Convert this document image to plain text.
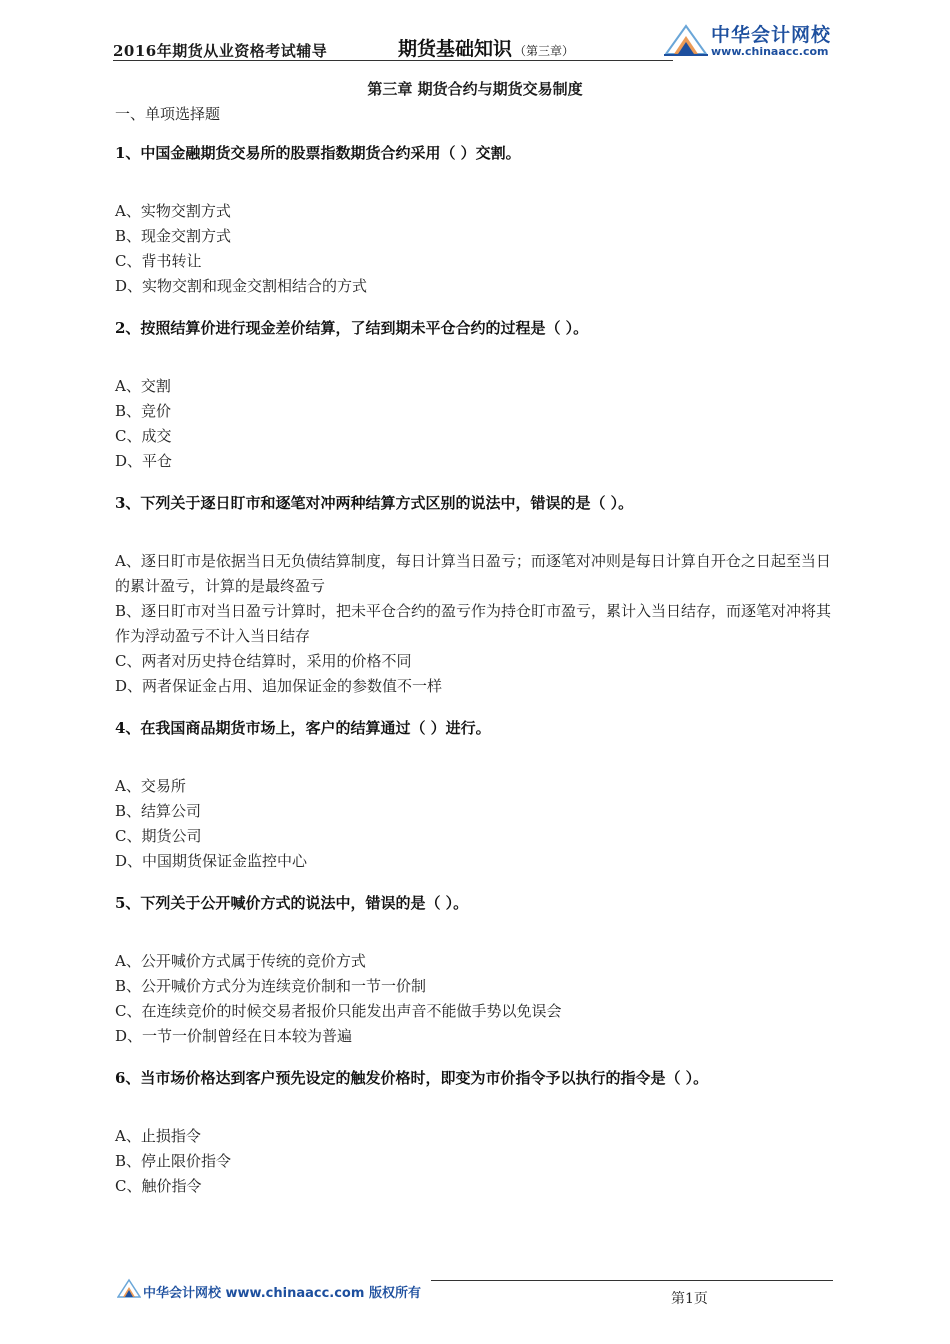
2016年期货从业资格考试辅导	期货基础知识 （第三章）
中华会计网校
www.chinaacc.com
第三章 期货合约与期货交易制度
一、单项选择题

1、中国金融期货交易所的股票指数期货合约采用（ ）交割。

A、实物交割方式
B、现金交割方式
C、背书转让
D、实物交割和现金交割相结合的方式

2、按照结算价进行现金差价结算，了结到期未平仓合约的过程是（ ）。

A、交割
B、竞价
C、成交
D、平仓

3、下列关于逐日盯市和逐笔对冲两种结算方式区别的说法中，错误的是（ ）。

A、逐日盯市是依据当日无负债结算制度，每日计算当日盈亏；而逐笔对冲则是每日计算自开仓之日起至当日的累计盈亏，计算的是最终盈亏
B、逐日盯市对当日盈亏计算时，把未平仓合约的盈亏作为持仓盯市盈亏，累计入当日结存，而逐笔对冲将其作为浮动盈亏不计入当日结存
C、两者对历史持仓结算时，采用的价格不同
D、两者保证金占用、追加保证金的参数值不一样

4、在我国商品期货市场上，客户的结算通过（ ）进行。

A、交易所
B、结算公司
C、期货公司
D、中国期货保证金监控中心

5、下列关于公开喊价方式的说法中，错误的是（ ）。

A、公开喊价方式属于传统的竞价方式
B、公开喊价方式分为连续竞价制和一节一价制
C、在连续竞价的时候交易者报价只能发出声音不能做手势以免误会
D、一节一价制曾经在日本较为普遍

6、当市场价格达到客户预先设定的触发价格时，即变为市价指令予以执行的指令是（ ）。

A、止损指令
B、停止限价指令
C、触价指令
中华会计网校 www.chinaacc.com 版权所有	第1页
